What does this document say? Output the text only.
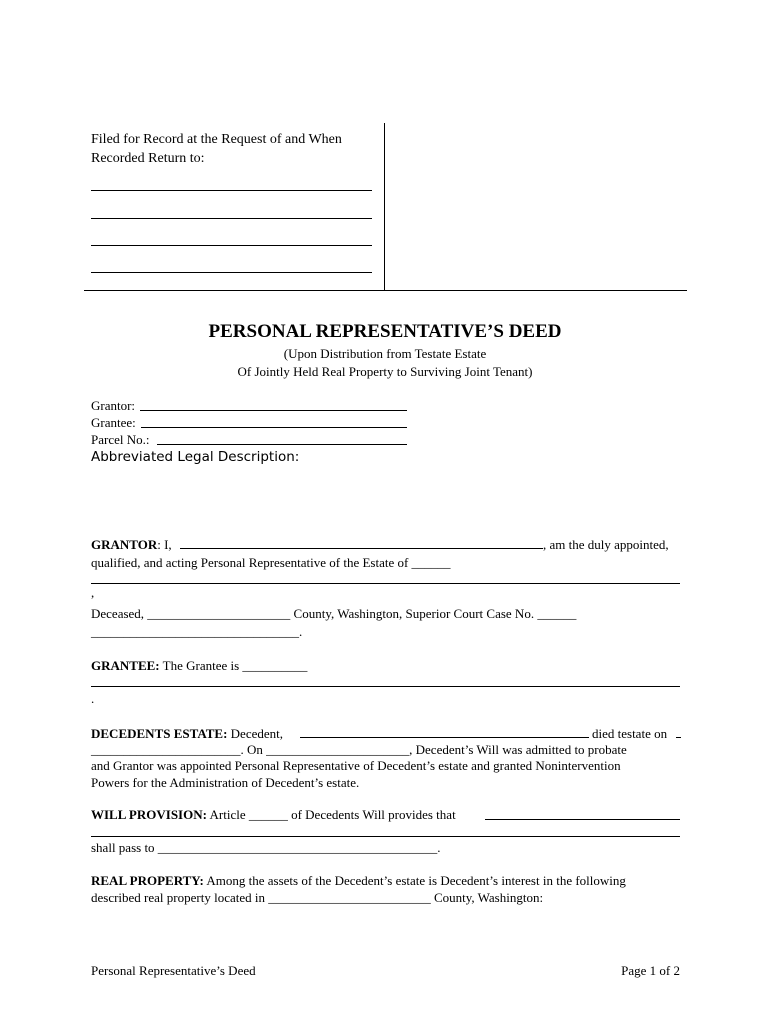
Filed for Record at the Request of and When
Recorded Return to:
PERSONAL REPRESENTATIVE’S DEED
(Upon Distribution from Testate Estate
Of Jointly Held Real Property to Surviving Joint Tenant)
Grantor:
Grantee:
Parcel No.:
Abbreviated Legal Description:
GRANTOR: I,	, am the duly appointed,
qualified, and acting Personal Representative of the Estate of ______
,
Deceased, ______________________ County, Washington, Superior Court Case No. ______
________________________________.
GRANTEE: The Grantee is __________
.
DECEDENTS ESTATE: Decedent,	died testate on
_______________________. On ______________________, Decedent’s Will was admitted to probate
and Grantor was appointed Personal Representative of Decedent’s estate and granted Nonintervention
Powers for the Administration of Decedent’s estate.
WILL PROVISION: Article ______ of Decedents Will provides that
shall pass to ___________________________________________.
REAL PROPERTY: Among the assets of the Decedent’s estate is Decedent’s interest in the following
described real property located in _________________________ County, Washington:
Personal Representative’s Deed	Page 1 of 2
